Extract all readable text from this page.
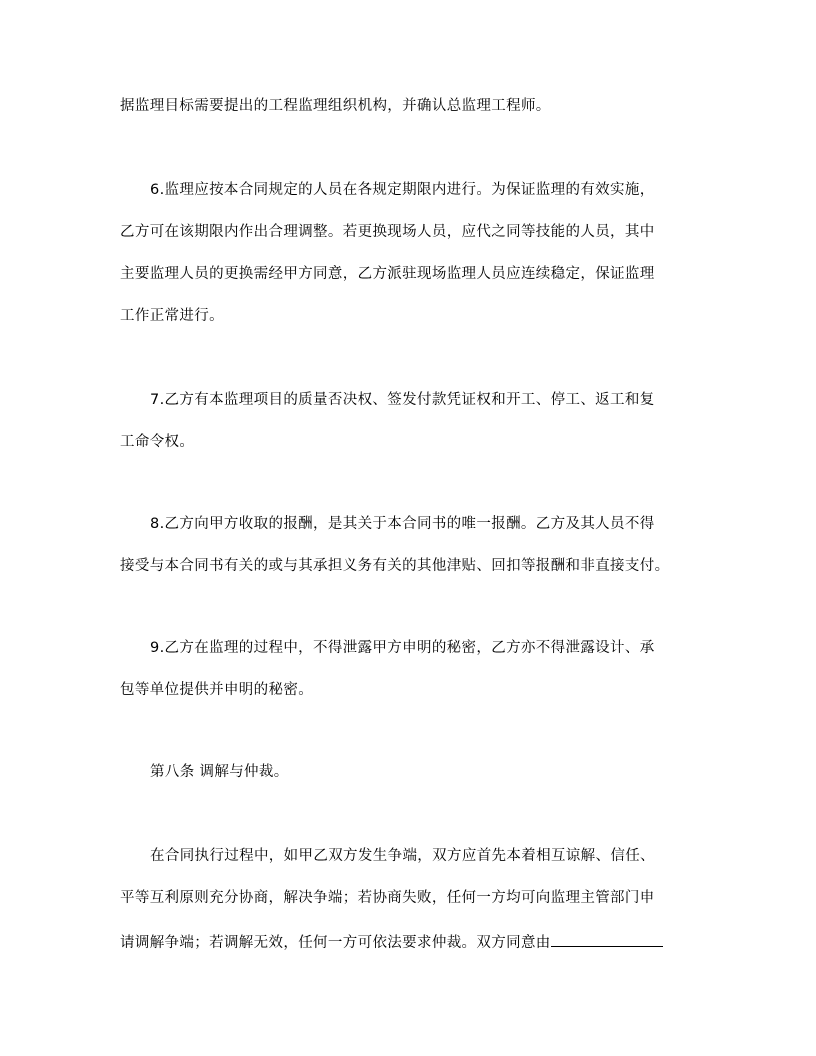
据监理目标需要提出的工程监理组织机构，并确认总监理工程师。
6.监理应按本合同规定的人员在各规定期限内进行。为保证监理的有效实施，
乙方可在该期限内作出合理调整。若更换现场人员，应代之同等技能的人员，其中
主要监理人员的更换需经甲方同意，乙方派驻现场监理人员应连续稳定，保证监理
工作正常进行。
7.乙方有本监理项目的质量否决权、签发付款凭证权和开工、停工、返工和复
工命令权。
8.乙方向甲方收取的报酬，是其关于本合同书的唯一报酬。乙方及其人员不得
接受与本合同书有关的或与其承担义务有关的其他津贴、回扣等报酬和非直接支付。
9.乙方在监理的过程中，不得泄露甲方申明的秘密，乙方亦不得泄露设计、承
包等单位提供并申明的秘密。
第八条 调解与仲裁。
在合同执行过程中，如甲乙双方发生争端，双方应首先本着相互谅解、信任、
平等互利原则充分协商，解决争端；若协商失败，任何一方均可向监理主管部门申
请调解争端；若调解无效，任何一方可依法要求仲裁。双方同意由
